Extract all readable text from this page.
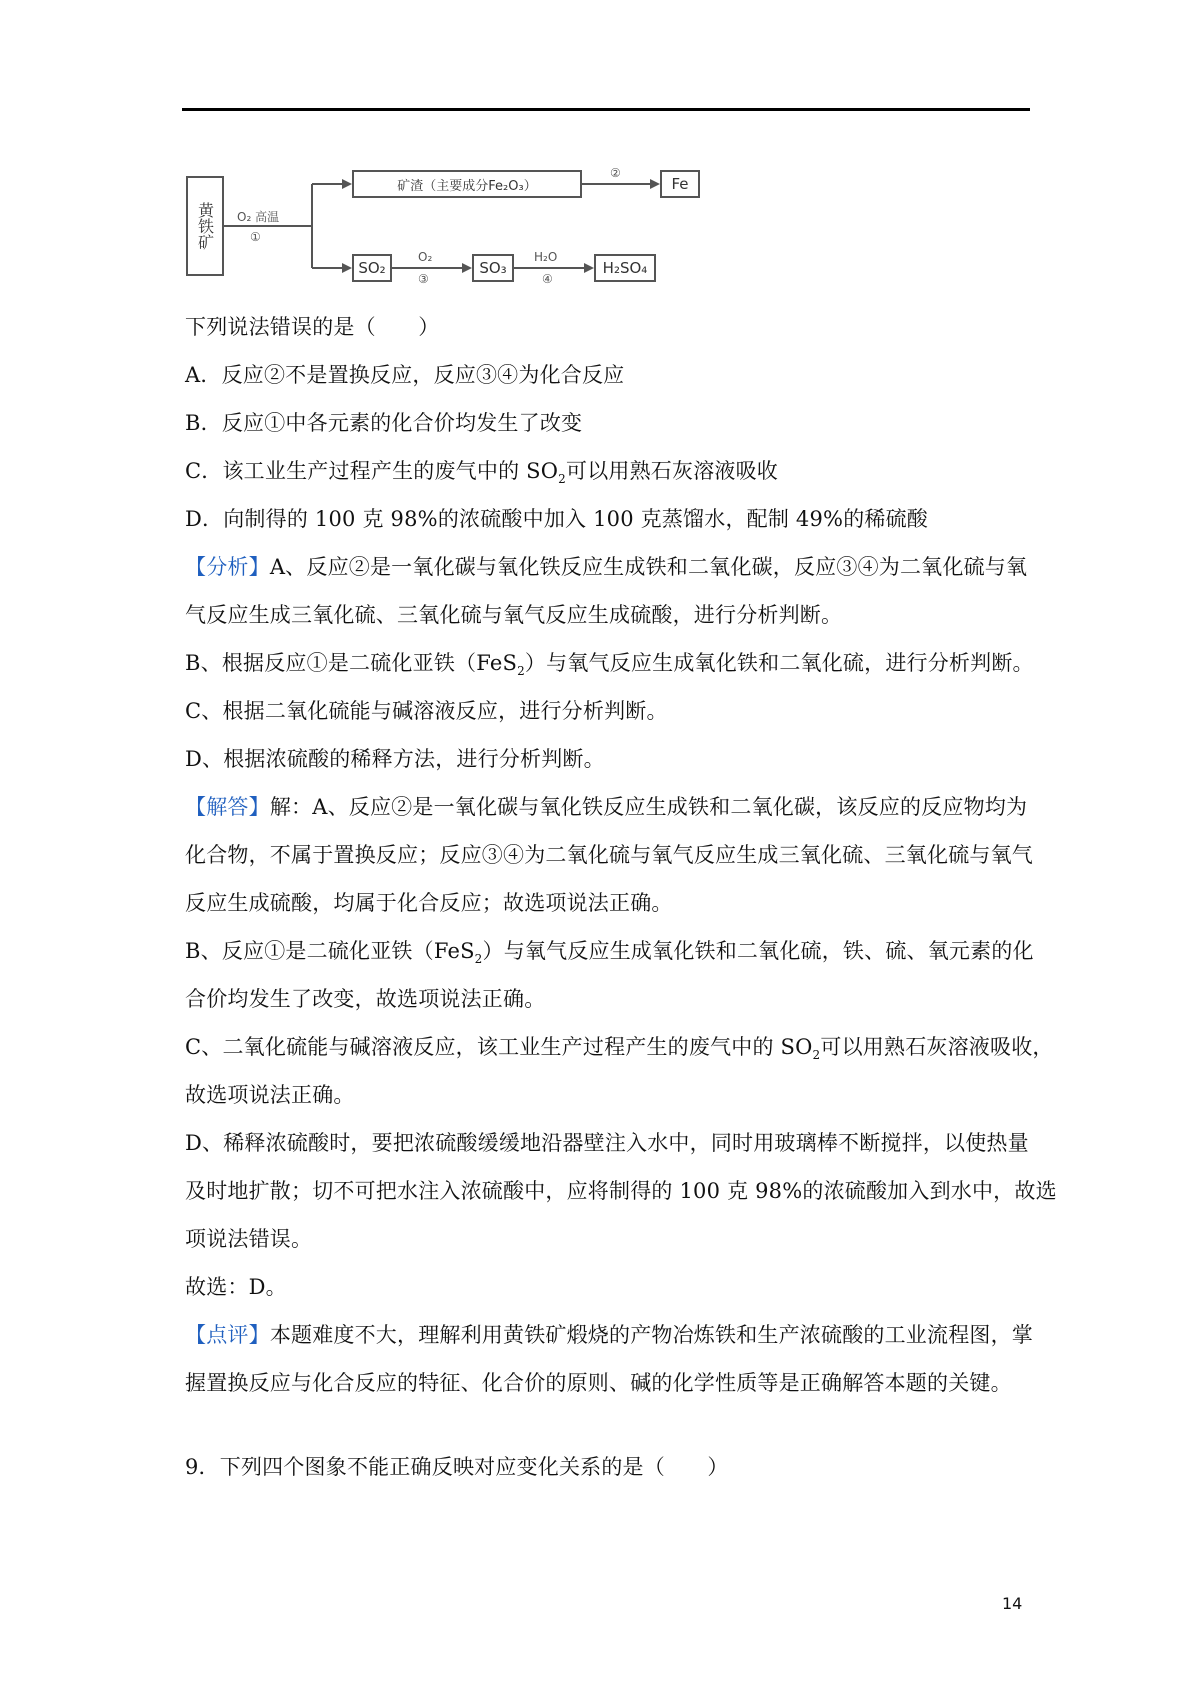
黄铁矿	O₂ 高温
①
矿渣（主要成分Fe₂O₃）
②
Fe
SO₂
O₂
③
SO₃
H₂O
④
H₂SO₄
下列说法错误的是（　　）
A．反应②不是置换反应，反应③④为化合反应
B．反应①中各元素的化合价均发生了改变
C．该工业生产过程产生的废气中的 $SO_2$可以用熟石灰溶液吸收
D．向制得的 100 克 98%的浓硫酸中加入 100 克蒸馏水，配制 49%的稀硫酸
【分析】A、反应②是一氧化碳与氧化铁反应生成铁和二氧化碳，反应③④为二氧化硫与氧
气反应生成三氧化硫、三氧化硫与氧气反应生成硫酸，进行分析判断。
B、根据反应①是二硫化亚铁（FeS$_2$）与氧气反应生成氧化铁和二氧化硫，进行分析判断。
C、根据二氧化硫能与碱溶液反应，进行分析判断。
D、根据浓硫酸的稀释方法，进行分析判断。
【解答】解：A、反应②是一氧化碳与氧化铁反应生成铁和二氧化碳，该反应的反应物均为
化合物，不属于置换反应；反应③④为二氧化硫与氧气反应生成三氧化硫、三氧化硫与氧气
反应生成硫酸，均属于化合反应；故选项说法正确。
B、反应①是二硫化亚铁（FeS$_2$）与氧气反应生成氧化铁和二氧化硫，铁、硫、氧元素的化
合价均发生了改变，故选项说法正确。
C、二氧化硫能与碱溶液反应，该工业生产过程产生的废气中的 $SO_2$可以用熟石灰溶液吸收，
故选项说法正确。
D、稀释浓硫酸时，要把浓硫酸缓缓地沿器壁注入水中，同时用玻璃棒不断搅拌，以使热量
及时地扩散；切不可把水注入浓硫酸中，应将制得的 100 克 98%的浓硫酸加入到水中，故选
项说法错误。
故选：D。
【点评】本题难度不大，理解利用黄铁矿煅烧的产物冶炼铁和生产浓硫酸的工业流程图，掌
握置换反应与化合反应的特征、化合价的原则、碱的化学性质等是正确解答本题的关键。
9．下列四个图象不能正确反映对应变化关系的是（　　）
14
